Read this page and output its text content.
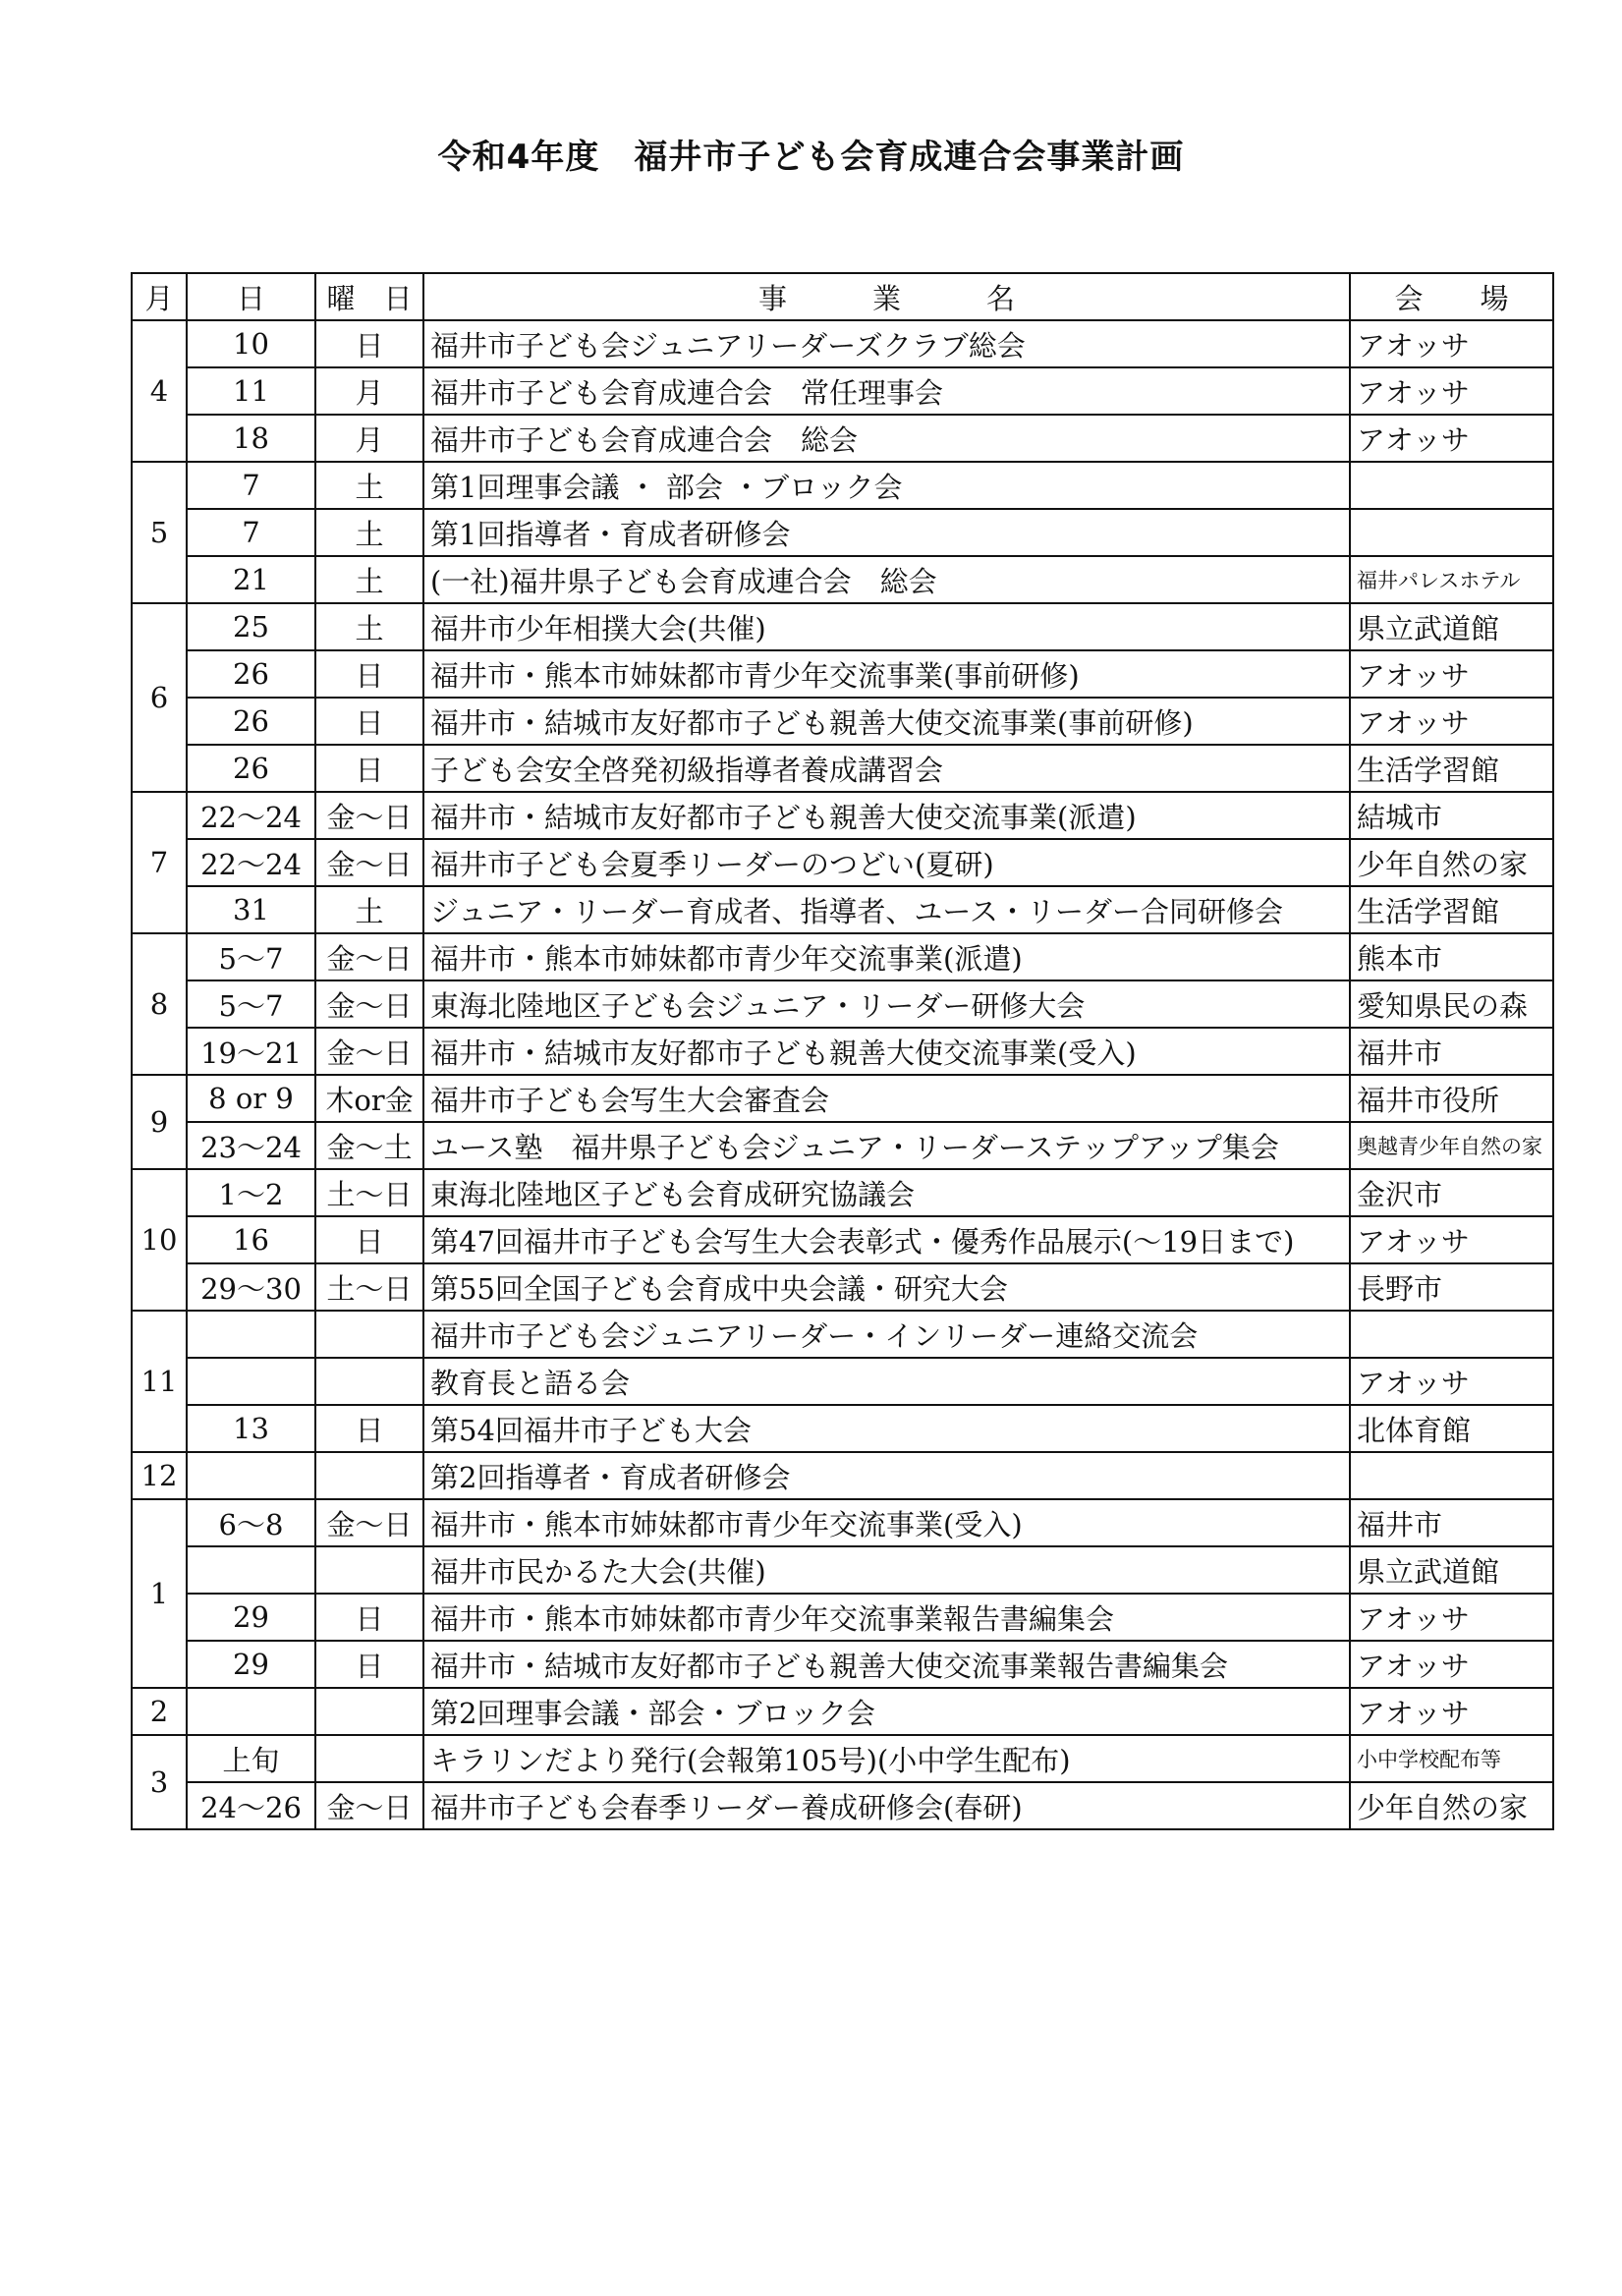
令和4年度　福井市子ども会育成連合会事業計画
月	日	曜　日	事　　　業　　　名	会　　場
4	10	日	福井市子ども会ジュニアリーダーズクラブ総会	アオッサ
	11	月	福井市子ども会育成連合会　常任理事会	アオッサ
	18	月	福井市子ども会育成連合会　総会	アオッサ
5	7	土	第1回理事会議 ・ 部会 ・ブロック会	
	7	土	第1回指導者・育成者研修会	
	21	土	(一社)福井県子ども会育成連合会　総会	福井パレスホテル
6	25	土	福井市少年相撲大会(共催)	県立武道館
	26	日	福井市・熊本市姉妹都市青少年交流事業(事前研修)	アオッサ
	26	日	福井市・結城市友好都市子ども親善大使交流事業(事前研修)	アオッサ
	26	日	子ども会安全啓発初級指導者養成講習会	生活学習館
7	22～24	金～日	福井市・結城市友好都市子ども親善大使交流事業(派遣)	結城市
	22～24	金～日	福井市子ども会夏季リーダーのつどい(夏研)	少年自然の家
	31	土	ジュニア・リーダー育成者、指導者、ユース・リーダー合同研修会	生活学習館
8	5～7	金～日	福井市・熊本市姉妹都市青少年交流事業(派遣)	熊本市
	5～7	金～日	東海北陸地区子ども会ジュニア・リーダー研修大会	愛知県民の森
	19～21	金～日	福井市・結城市友好都市子ども親善大使交流事業(受入)	福井市
9	8 or 9	木or金	福井市子ども会写生大会審査会	福井市役所
	23～24	金～土	ユース塾　福井県子ども会ジュニア・リーダーステップアップ集会	奥越青少年自然の家
10	1～2	土～日	東海北陸地区子ども会育成研究協議会	金沢市
	16	日	第47回福井市子ども会写生大会表彰式・優秀作品展示(～19日まで)	アオッサ
	29～30	土～日	第55回全国子ども会育成中央会議・研究大会	長野市
11			福井市子ども会ジュニアリーダー・インリーダー連絡交流会	
			教育長と語る会	アオッサ
	13	日	第54回福井市子ども大会	北体育館
12			第2回指導者・育成者研修会	
1	6～8	金～日	福井市・熊本市姉妹都市青少年交流事業(受入)	福井市
			福井市民かるた大会(共催)	県立武道館
	29	日	福井市・熊本市姉妹都市青少年交流事業報告書編集会	アオッサ
	29	日	福井市・結城市友好都市子ども親善大使交流事業報告書編集会	アオッサ
2			第2回理事会議・部会・ブロック会	アオッサ
3	上旬		キラリンだより発行(会報第105号)(小中学生配布)	小中学校配布等
	24～26	金～日	福井市子ども会春季リーダー養成研修会(春研)	少年自然の家
